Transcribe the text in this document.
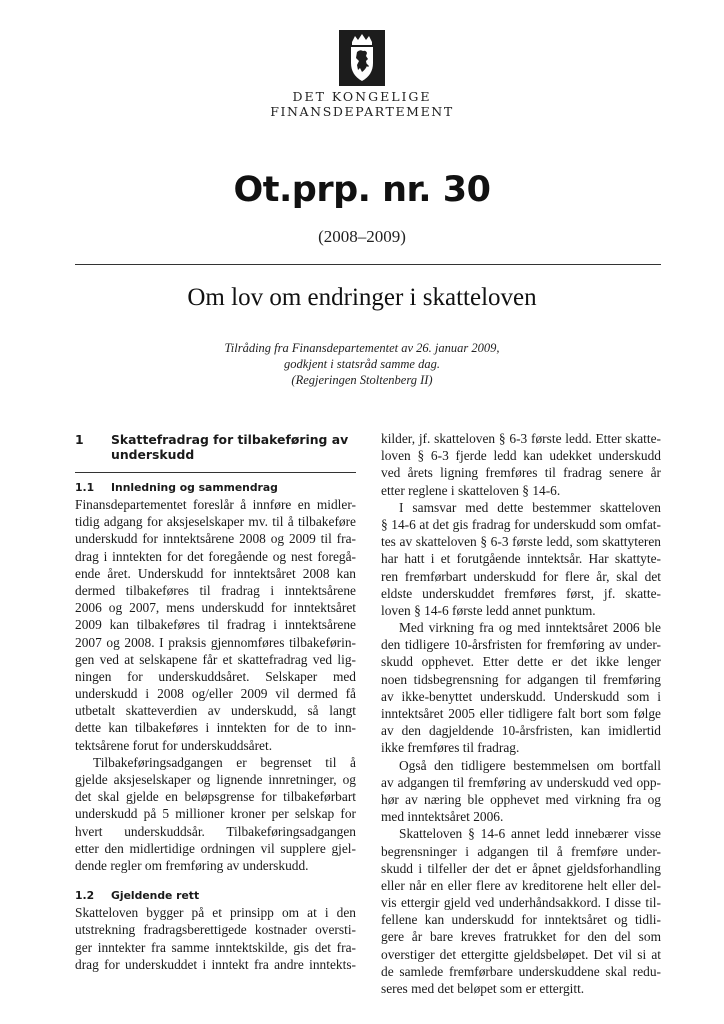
DET KONGELIGE
FINANSDEPARTEMENT
Ot.prp. nr. 30
(2008–2009)
Om lov om endringer i skatteloven
Tilråding fra Finansdepartementet av 26. januar 2009,
godkjent i statsråd samme dag.
(Regjeringen Stoltenberg II)
1	Skattefradrag for tilbakeføring av
underskudd
1.1	Innledning og sammendrag
Finansdepartementet foreslår å innføre en midler-
tidig adgang for aksjeselskaper mv. til å tilbakeføre
underskudd for inntektsårene 2008 og 2009 til fra-
drag i inntekten for det foregående og nest foregå-
ende året. Underskudd for inntektsåret 2008 kan
dermed tilbakeføres til fradrag i inntektsårene
2006 og 2007, mens underskudd for inntektsåret
2009 kan tilbakeføres til fradrag i inntektsårene
2007 og 2008. I praksis gjennomføres tilbakeførin-
gen ved at selskapene får et skattefradrag ved lig-
ningen for underskuddsåret. Selskaper med
underskudd i 2008 og/eller 2009 vil dermed få
utbetalt skatteverdien av underskudd, så langt
dette kan tilbakeføres i inntekten for de to inn-
tektsårene forut for underskuddsåret.
Tilbakeføringsadgangen er begrenset til å
gjelde aksjeselskaper og lignende innretninger, og
det skal gjelde en beløpsgrense for tilbakeførbart
underskudd på 5 millioner kroner per selskap for
hvert underskuddsår. Tilbakeføringsadgangen
etter den midlertidige ordningen vil supplere gjel-
dende regler om fremføring av underskudd.
1.2	Gjeldende rett
Skatteloven bygger på et prinsipp om at i den
utstrekning fradragsberettigede kostnader oversti-
ger inntekter fra samme inntektskilde, gis det fra-
drag for underskuddet i inntekt fra andre inntekts-
kilder, jf. skatteloven § 6-3 første ledd. Etter skatte-
loven § 6-3 fjerde ledd kan udekket underskudd
ved årets ligning fremføres til fradrag senere år
etter reglene i skatteloven § 14-6.
I samsvar med dette bestemmer skatteloven
§ 14-6 at det gis fradrag for underskudd som omfat-
tes av skatteloven § 6-3 første ledd, som skattyteren
har hatt i et forutgående inntektsår. Har skattyte-
ren fremførbart underskudd for flere år, skal det
eldste underskuddet fremføres først, jf. skatte-
loven § 14-6 første ledd annet punktum.
Med virkning fra og med inntektsåret 2006 ble
den tidligere 10-årsfristen for fremføring av under-
skudd opphevet. Etter dette er det ikke lenger
noen tidsbegrensning for adgangen til fremføring
av ikke-benyttet underskudd. Underskudd som i
inntektsåret 2005 eller tidligere falt bort som følge
av den dagjeldende 10-årsfristen, kan imidlertid
ikke fremføres til fradrag.
Også den tidligere bestemmelsen om bortfall
av adgangen til fremføring av underskudd ved opp-
hør av næring ble opphevet med virkning fra og
med inntektsåret 2006.
Skatteloven § 14-6 annet ledd innebærer visse
begrensninger i adgangen til å fremføre under-
skudd i tilfeller der det er åpnet gjeldsforhandling
eller når en eller flere av kreditorene helt eller del-
vis ettergir gjeld ved underhåndsakkord. I disse til-
fellene kan underskudd for inntektsåret og tidli-
gere år bare kreves fratrukket for den del som
overstiger det ettergitte gjeldsbeløpet. Det vil si at
de samlede fremførbare underskuddene skal redu-
seres med det beløpet som er ettergitt.
